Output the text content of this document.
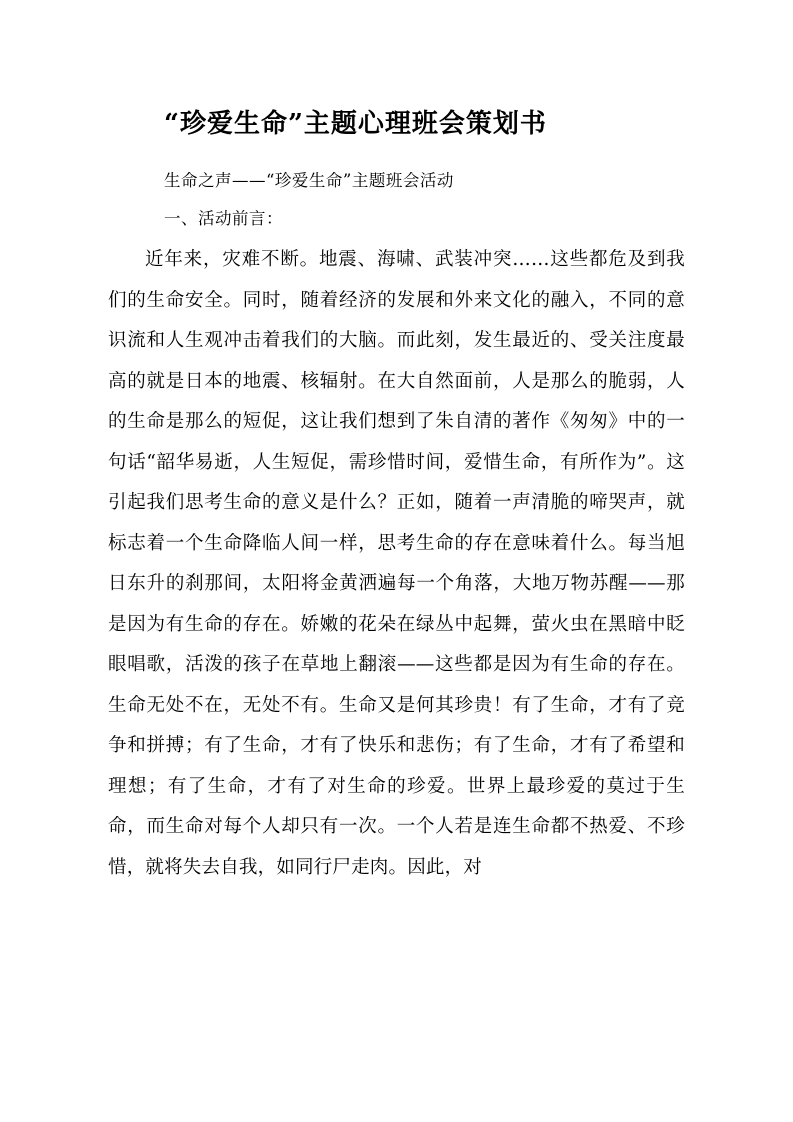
“珍爱生命”主题心理班会策划书

生命之声——“珍爱生命”主题班会活动

一、活动前言：

近年来，灾难不断。地震、海啸、武装冲突……这些都危及到我们的生命安全。同时，随着经济的发展和外来文化的融入，不同的意识流和人生观冲击着我们的大脑。而此刻，发生最近的、受关注度最高的就是日本的地震、核辐射。在大自然面前，人是那么的脆弱，人的生命是那么的短促，这让我们想到了朱自清的著作《匆匆》中的一句话“韶华易逝，人生短促，需珍惜时间，爱惜生命，有所作为”。这引起我们思考生命的意义是什么？正如，随着一声清脆的啼哭声，就标志着一个生命降临人间一样，思考生命的存在意味着什么。每当旭日东升的刹那间，太阳将金黄洒遍每一个角落，大地万物苏醒——那是因为有生命的存在。娇嫩的花朵在绿丛中起舞，萤火虫在黑暗中眨眼唱歌，活泼的孩子在草地上翻滚——这些都是因为有生命的存在。生命无处不在，无处不有。生命又是何其珍贵！有了生命，才有了竞争和拼搏；有了生命，才有了快乐和悲伤；有了生命，才有了希望和理想；有了生命，才有了对生命的珍爱。世界上最珍爱的莫过于生命，而生命对每个人却只有一次。一个人若是连生命都不热爱、不珍惜，就将失去自我，如同行尸走肉。因此，对
